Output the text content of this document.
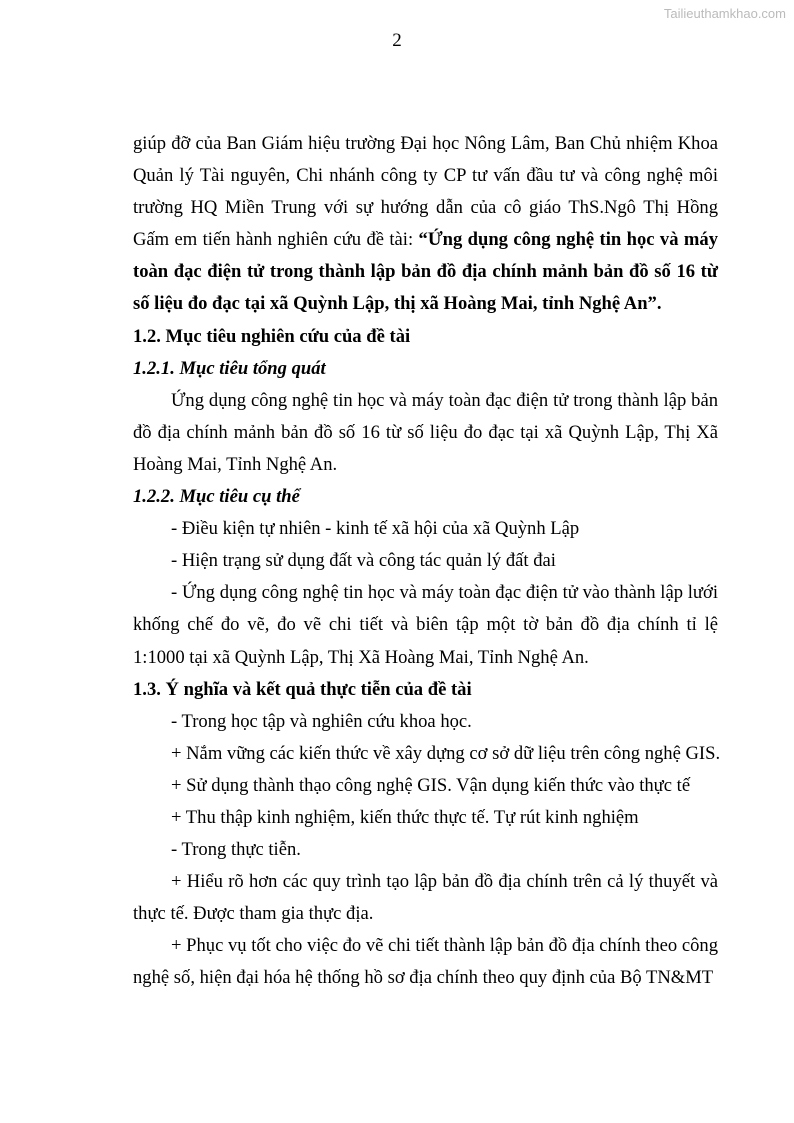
Tailieuthamkhao.com
2
giúp đỡ của Ban Giám hiệu trường Đại học Nông Lâm, Ban Chủ nhiệm Khoa
Quản lý Tài nguyên, Chi nhánh công ty CP tư vấn đầu tư và công nghệ môi
trường HQ Miền Trung với sự hướng dẫn của cô giáo ThS.Ngô Thị Hồng
Gấm em tiến hành nghiên cứu đề tài: “Ứng dụng công nghệ tin học và máy
toàn đạc điện tử trong thành lập bản đồ địa chính mảnh bản đồ số 16 từ
số liệu đo đạc tại xã Quỳnh Lập, thị xã Hoàng Mai, tỉnh Nghệ An”.
1.2. Mục tiêu nghiên cứu của đề tài
1.2.1. Mục tiêu tổng quát
Ứng dụng công nghệ tin học và máy toàn đạc điện tử trong thành lập bản
đồ địa chính mảnh bản đồ số 16 từ số liệu đo đạc tại xã Quỳnh Lập, Thị Xã
Hoàng Mai, Tỉnh Nghệ An.
1.2.2. Mục tiêu cụ thể
- Điều kiện tự nhiên - kinh tế xã hội của xã Quỳnh Lập
- Hiện trạng sử dụng đất và công tác quản lý đất đai
- Ứng dụng công nghệ tin học và máy toàn đạc điện tử vào thành lập lưới
khống chế đo vẽ, đo vẽ chi tiết và biên tập một tờ bản đồ địa chính tỉ lệ
1:1000 tại xã Quỳnh Lập, Thị Xã Hoàng Mai, Tỉnh Nghệ An.
1.3. Ý nghĩa và kết quả thực tiễn của đề tài
- Trong học tập và nghiên cứu khoa học.
+ Nắm vững các kiến thức về xây dựng cơ sở dữ liệu trên công nghệ GIS.
+ Sử dụng thành thạo công nghệ GIS. Vận dụng kiến thức vào thực tế
+ Thu thập kinh nghiệm, kiến thức thực tế. Tự rút kinh nghiệm
- Trong thực tiễn.
+ Hiểu rõ hơn các quy trình tạo lập bản đồ địa chính trên cả lý thuyết và
thực tế. Được tham gia thực địa.
+ Phục vụ tốt cho việc đo vẽ chi tiết thành lập bản đồ địa chính theo công
nghệ số, hiện đại hóa hệ thống hồ sơ địa chính theo quy định của Bộ TN&MT
